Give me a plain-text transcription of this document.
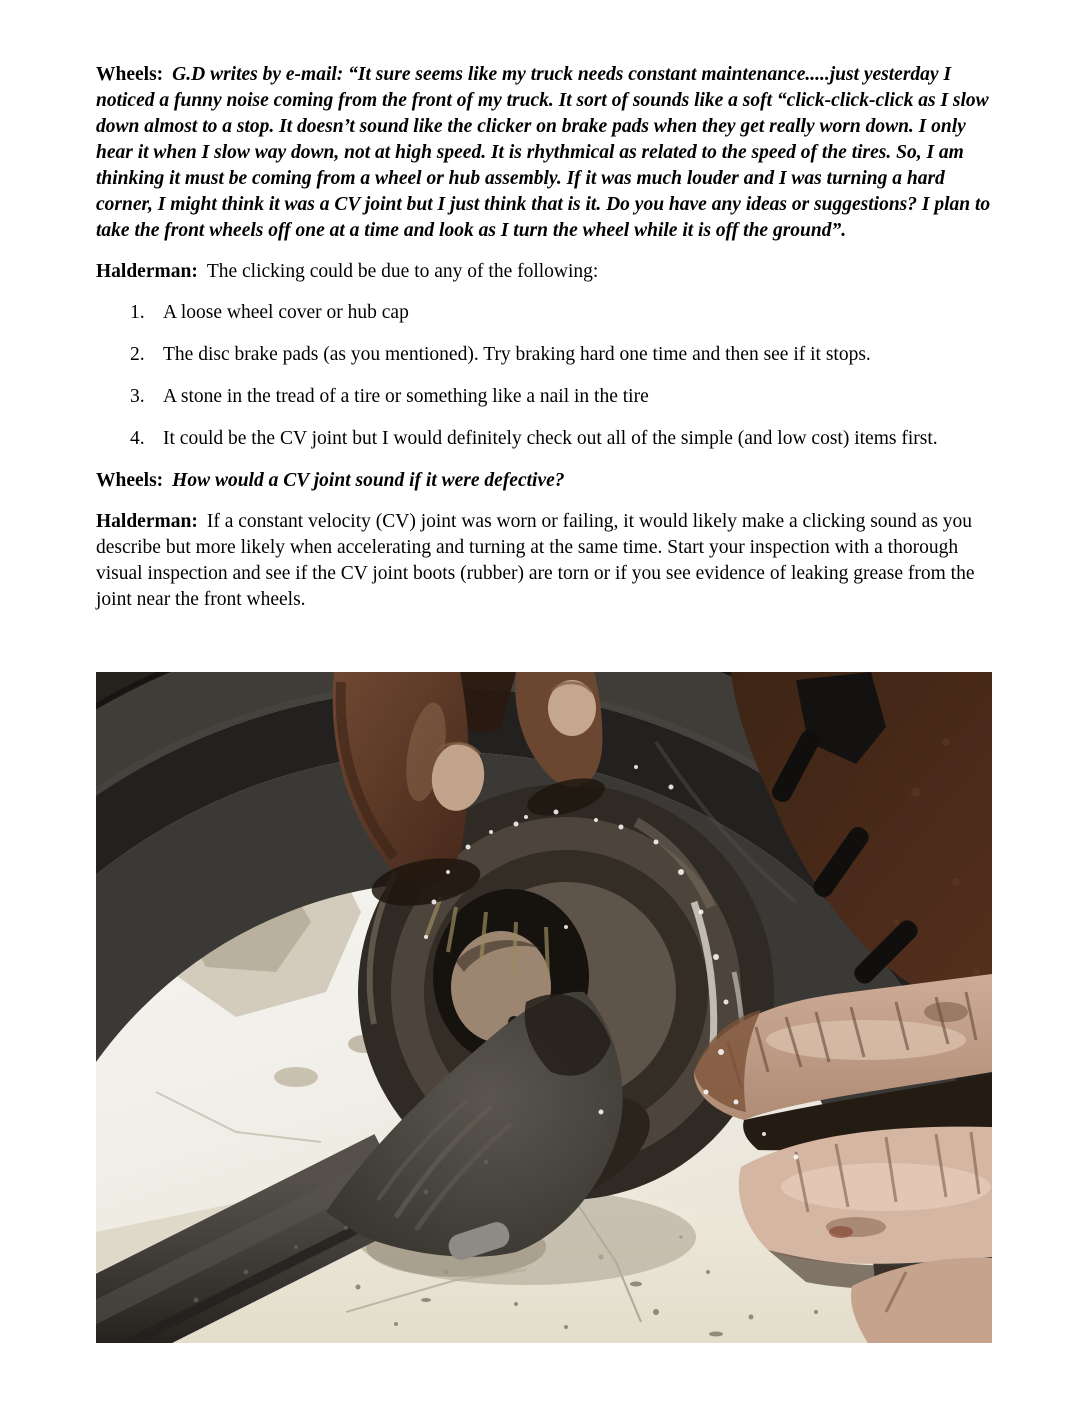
Wheels: G.D writes by e-mail: “It sure seems like my truck needs constant maintenance.....just yesterday I noticed a funny noise coming from the front of my truck. It sort of sounds like a soft “click-click-click as I slow down almost to a stop. It doesn’t sound like the clicker on brake pads when they get really worn down. I only hear it when I slow way down, not at high speed. It is rhythmical as related to the speed of the tires. So, I am thinking it must be coming from a wheel or hub assembly. If it was much louder and I was turning a hard corner, I might think it was a CV joint but I just think that is it. Do you have any ideas or suggestions? I plan to take the front wheels off one at a time and look as I turn the wheel while it is off the ground”.

Halderman: The clicking could be due to any of the following:

1. A loose wheel cover or hub cap
2. The disc brake pads (as you mentioned). Try braking hard one time and then see if it stops.
3. A stone in the tread of a tire or something like a nail in the tire
4. It could be the CV joint but I would definitely check out all of the simple (and low cost) items first.

Wheels: How would a CV joint sound if it were defective?

Halderman: If a constant velocity (CV) joint was worn or failing, it would likely make a clicking sound as you describe but more likely when accelerating and turning at the same time. Start your inspection with a thorough visual inspection and see if the CV joint boots (rubber) are torn or if you see evidence of leaking grease from the joint near the front wheels.
